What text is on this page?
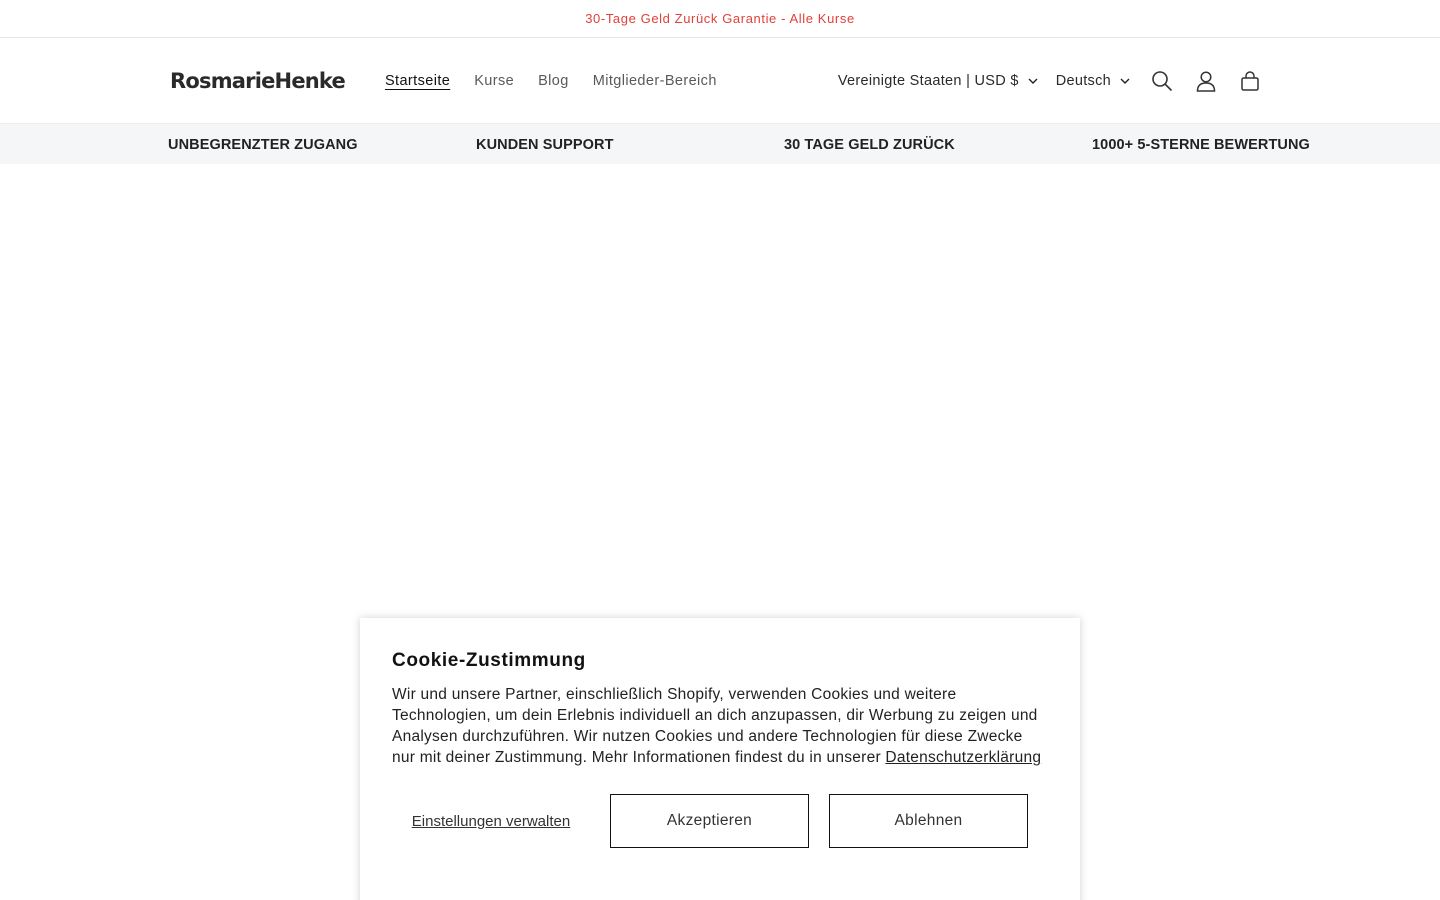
30-Tage Geld Zurück Garantie - Alle Kurse
RosmarieHenke	Startseite Kurse Blog Mitglieder-Bereich	Vereinigte Staaten | USD $	Deutsch
UNBEGRENZTER ZUGANG	KUNDEN SUPPORT	30 TAGE GELD ZURÜCK	1000+ 5-STERNE BEWERTUNG
Cookie-Zustimmung

Wir und unsere Partner, einschließlich Shopify, verwenden Cookies und weitere Technologien, um dein Erlebnis individuell an dich anzupassen, dir Werbung zu zeigen und Analysen durchzuführen. Wir nutzen Cookies und andere Technologien für diese Zwecke nur mit deiner Zustimmung. Mehr Informationen findest du in unserer Datenschutzerklärung

Einstellungen verwalten	Akzeptieren	Ablehnen
